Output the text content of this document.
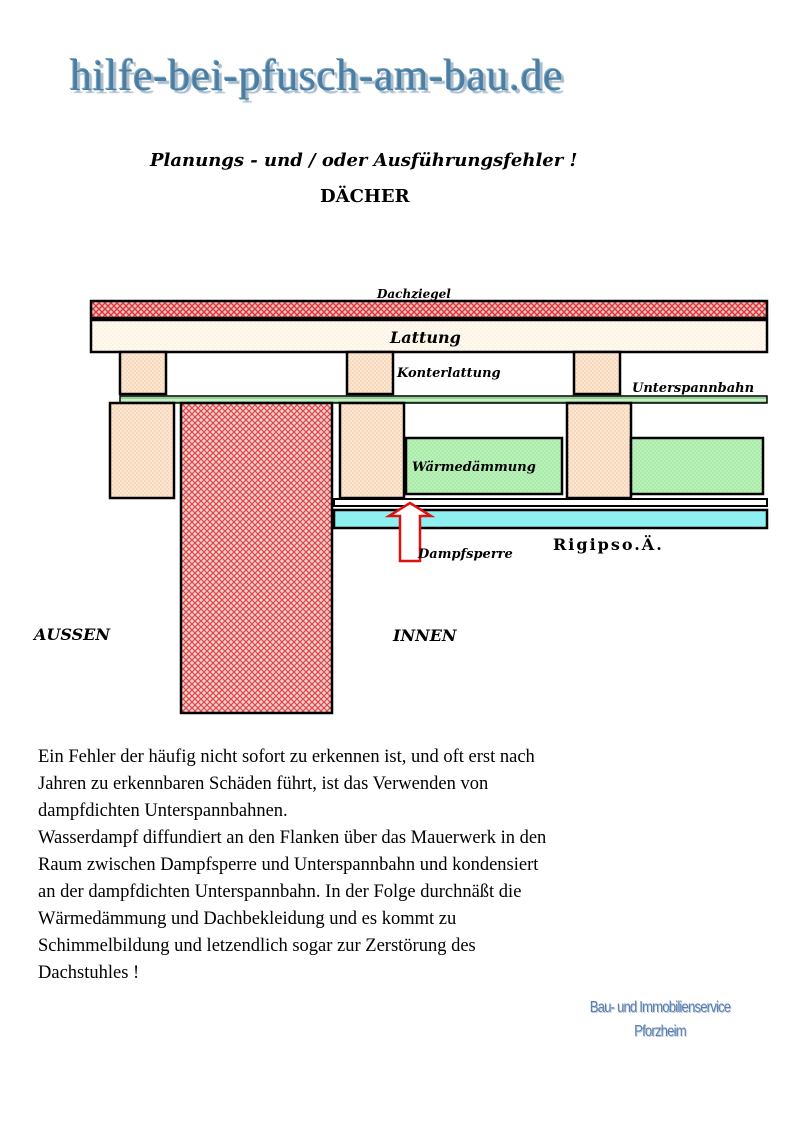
hilfe-bei-pfusch-am-bau.de
Planungs - und / oder Ausführungsfehler !
DÄCHER
Dachziegel
Lattung
Konterlattung
Unterspannbahn
Wärmedämmung
Dampfsperre
Rigipso.Ä.
AUSSEN	INNEN

Ein Fehler der häufig nicht sofort zu erkennen ist, und oft erst nach

Jahren zu erkennbaren Schäden führt, ist das Verwenden von

dampfdichten Unterspannbahnen.

Wasserdampf diffundiert an den Flanken über das Mauerwerk in den

Raum zwischen Dampfsperre und Unterspannbahn und kondensiert

an der dampfdichten Unterspannbahn. In der Folge durchnäßt die

Wärmedämmung und Dachbekleidung und es kommt zu

Schimmelbildung und letzendlich sogar zur Zerstörung des

Dachstuhles !

Bau- und Immobilienservice
Pforzheim
